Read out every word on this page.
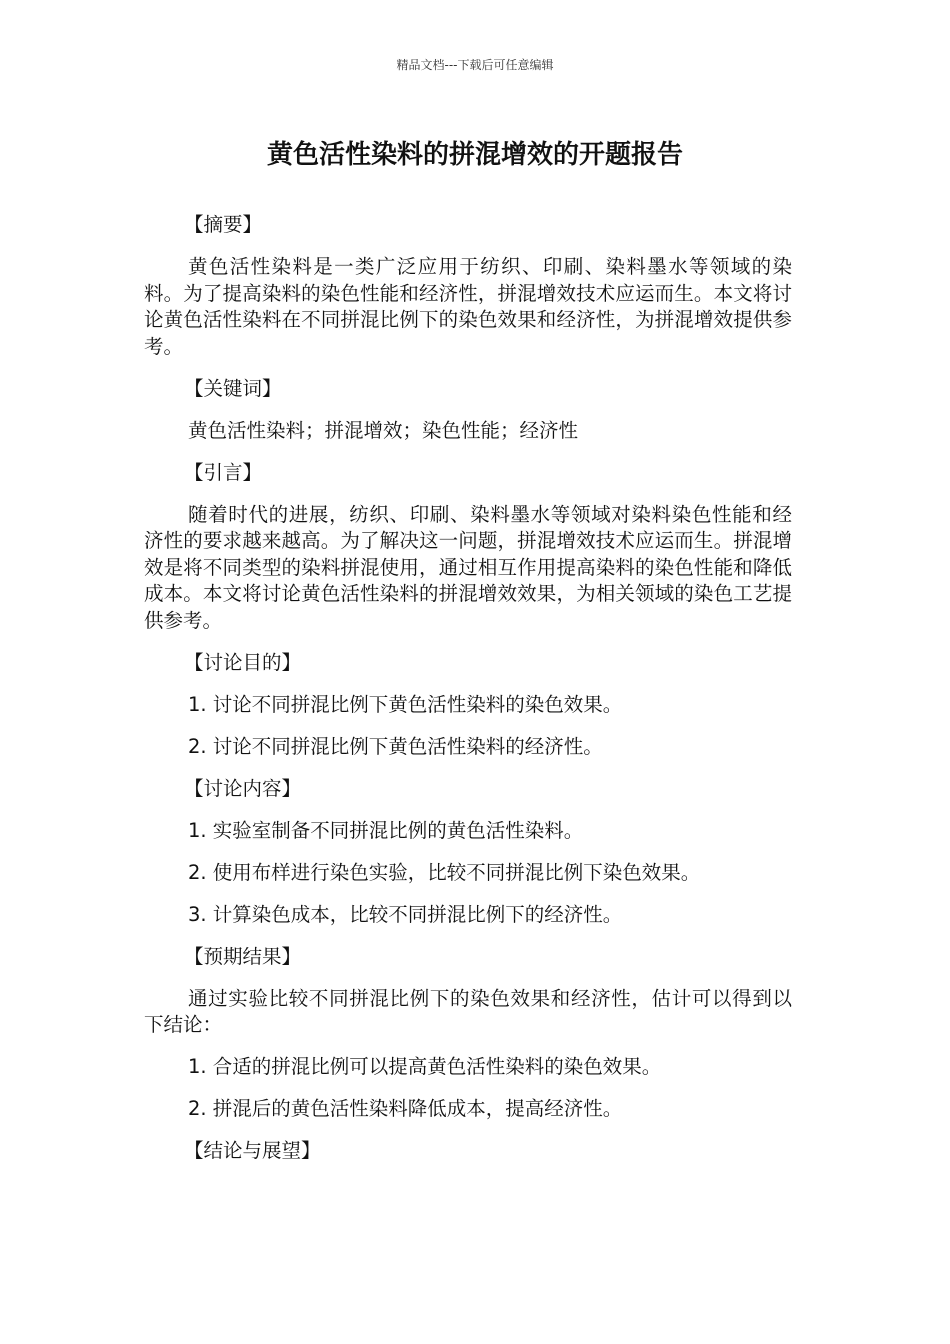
精品文档---下载后可任意编辑
黄色活性染料的拼混增效的开题报告

【摘要】

黄色活性染料是一类广泛应用于纺织、印刷、染料墨水等领域的染料。为了提高染料的染色性能和经济性，拼混增效技术应运而生。本文将讨论黄色活性染料在不同拼混比例下的染色效果和经济性，为拼混增效提供参考。

【关键词】

黄色活性染料；拼混增效；染色性能；经济性

【引言】

随着时代的进展，纺织、印刷、染料墨水等领域对染料染色性能和经济性的要求越来越高。为了解决这一问题，拼混增效技术应运而生。拼混增效是将不同类型的染料拼混使用，通过相互作用提高染料的染色性能和降低成本。本文将讨论黄色活性染料的拼混增效效果，为相关领域的染色工艺提供参考。

【讨论目的】

1. 讨论不同拼混比例下黄色活性染料的染色效果。

2. 讨论不同拼混比例下黄色活性染料的经济性。

【讨论内容】

1. 实验室制备不同拼混比例的黄色活性染料。

2. 使用布样进行染色实验，比较不同拼混比例下染色效果。

3. 计算染色成本，比较不同拼混比例下的经济性。

【预期结果】

通过实验比较不同拼混比例下的染色效果和经济性，估计可以得到以下结论：

1. 合适的拼混比例可以提高黄色活性染料的染色效果。

2. 拼混后的黄色活性染料降低成本，提高经济性。

【结论与展望】
